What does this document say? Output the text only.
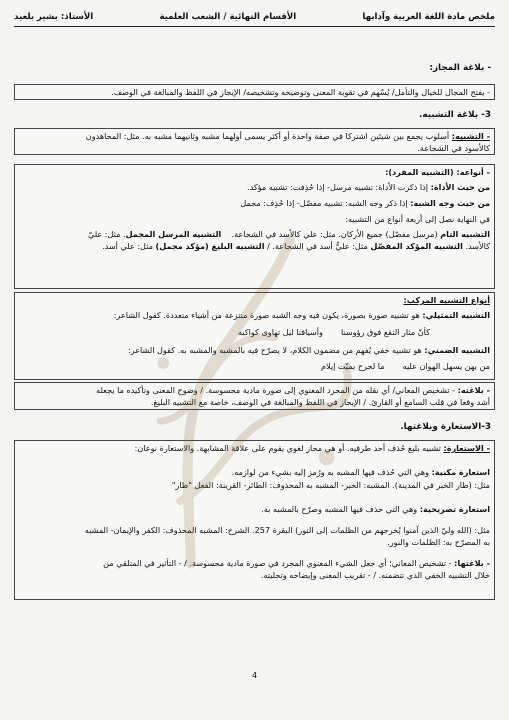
ملخص مادة اللغة العربية وآدابها
الأقسام النهائية / الشعب العلمية
الأستاذ: بشير بلعيد
- بلاغة المجاز:
- يفتح المجال للخيال والتأمل/ يُسْهم في تقوية المعنى وتوضيحه وتشخيصه/ الإيجاز في اللفظ والمبالغة في الوصف.
3- بلاغة التشبيه.
- التشبيه: أسلوب يجمع بين شيئين اشتركا في صفة واحدة أو أكثر يسمى أولهما مشبه وثانيهما مشبه به. مثل: المجاهدون
كالأسود في الشجاعة.
- أنواعه: (التشبيه المفرد):
من حيث الأداة: إذا ذكرت الأداة: تشبيه مرسل- إذا حُذِفت: تشبيه مؤكد.
من حيث وجه الشبه: إذا ذكر وجه الشبه: تشبيه مفصّل- إذا حُذِف: مجمل
في النهاية نصل إلى أربعة أنواع من التشبيه:
التشبيه التام (مرسل مفصّل) جميع الأركان. مثل: علي كالأسد في الشجاعة.    التشبيه المرسل المجمل. مثل: عليّ
كالأسد. التشبيه المؤكد المفصّل مثل: عليٌّ أسد في الشجاعة. / التشبيه البليغ (مؤكد مجمل) مثل: علي أسد.
أنواع التشبيه المركب:
التشبيه التمثيلي: هو تشبيه صورة بصورة، يكون فيه وجه الشبه صورة منتزعة من أشياء متعددة. كقول الشاعر:
كأنّ مثار النقع فوق رؤوسنا       وأسيافنا ليل تهاوى كواكبه
التشبيه الضمني: هو تشبيه خفي يُفهم من مضمون الكلام، لا يصرّح فيه بالمشبه والمشبه به. كقول الشاعر:
من يهن يسهل الهوان عليه       ما لجرح بميّت إيلام
- بلاغته: - تشخيص المعاني/ أي نقله من المجرد المعنوي إلى صورة مادية محسوسة. / وضوح المعنى وتأكيده ما يجعله
أشد وقعا في قلب السامع أو القارئ. / الإيجاز في اللفظ والمبالغة في الوصف، خاصة مع التشبيه البليغ.
3-الاستعارة وبلاغتها.
- الاستعارة: تشبيه بليغ حُذف أحد طرفيه. أو هي مجاز لغوي يقوم على علاقة المشابهة. والاستعارة نوعان:
استعارة مكنية: وهي التي حُذف فيها المشبه به ورُمز إليه بشيء من لوازمه.
مثل: (طار الخبر في المدينة). المشبه: الخبر- المشبه به المحذوف: الطائر- القرينة: الفعل "طار"
استعارة تصريحية: وهي التي حذف فيها المشبه وصرّح بالمشبه به.
مثل: (الله وليّ الذين آمنوا يُخرجهم من الظلمات إلى النور) البقرة 257. الشرح: المشبه المحذوف: الكفر والإيمان- المشبه
به المصرّح به: الظلمات والنور.
- بلاغتها: - تشخيص المعاني؛ أي جعل الشيء المعنوي المجرد في صورة مادية محسوسة. / - التأثير في المتلقي من
خلال التشبيه الخفي الذي تتضمنه. / - تقريب المعنى وإيضاحه وتجليته.
4
